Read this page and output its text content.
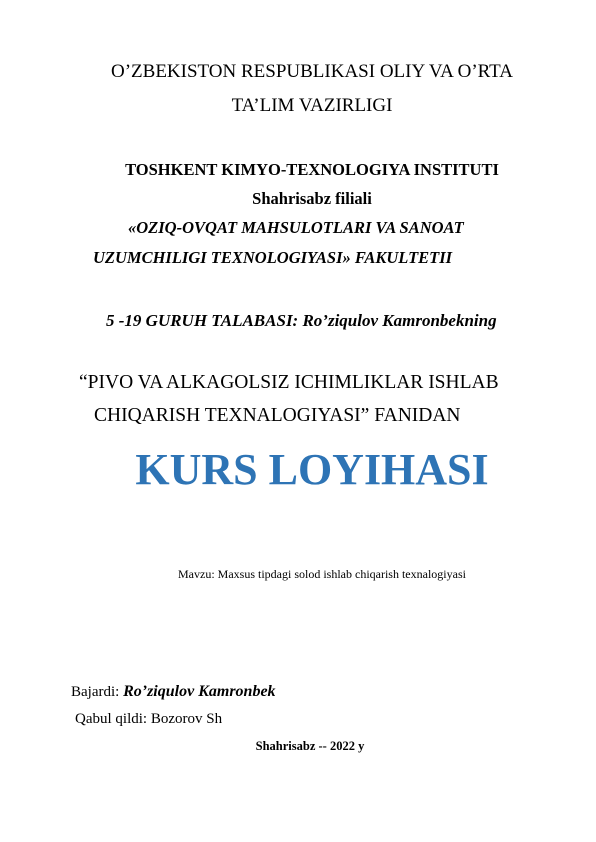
O’ZBEKISTON RESPUBLIKASI OLIY VA O’RTA
TA’LIM VAZIRLIGI
TOSHKENT KIMYO-TEXNOLOGIYA INSTITUTI
Shahrisabz filiali
«OZIQ-OVQAT MAHSULOTLARI VA SANOAT
UZUMCHILIGI TEXNOLOGIYASI» FAKULTETII
5 -19 GURUH TALABASI: Ro’ziqulov Kamronbekning
“PIVO VA ALKAGOLSIZ ICHIMLIKLAR ISHLAB
CHIQARISH TEXNALOGIYASI” FANIDAN
KURS LOYIHASI
Mavzu: Maxsus tipdagi solod ishlab chiqarish texnalogiyasi
Bajardi: Ro’ziqulov Kamronbek
Qabul qildi: Bozorov Sh
Shahrisabz -- 2022 y
